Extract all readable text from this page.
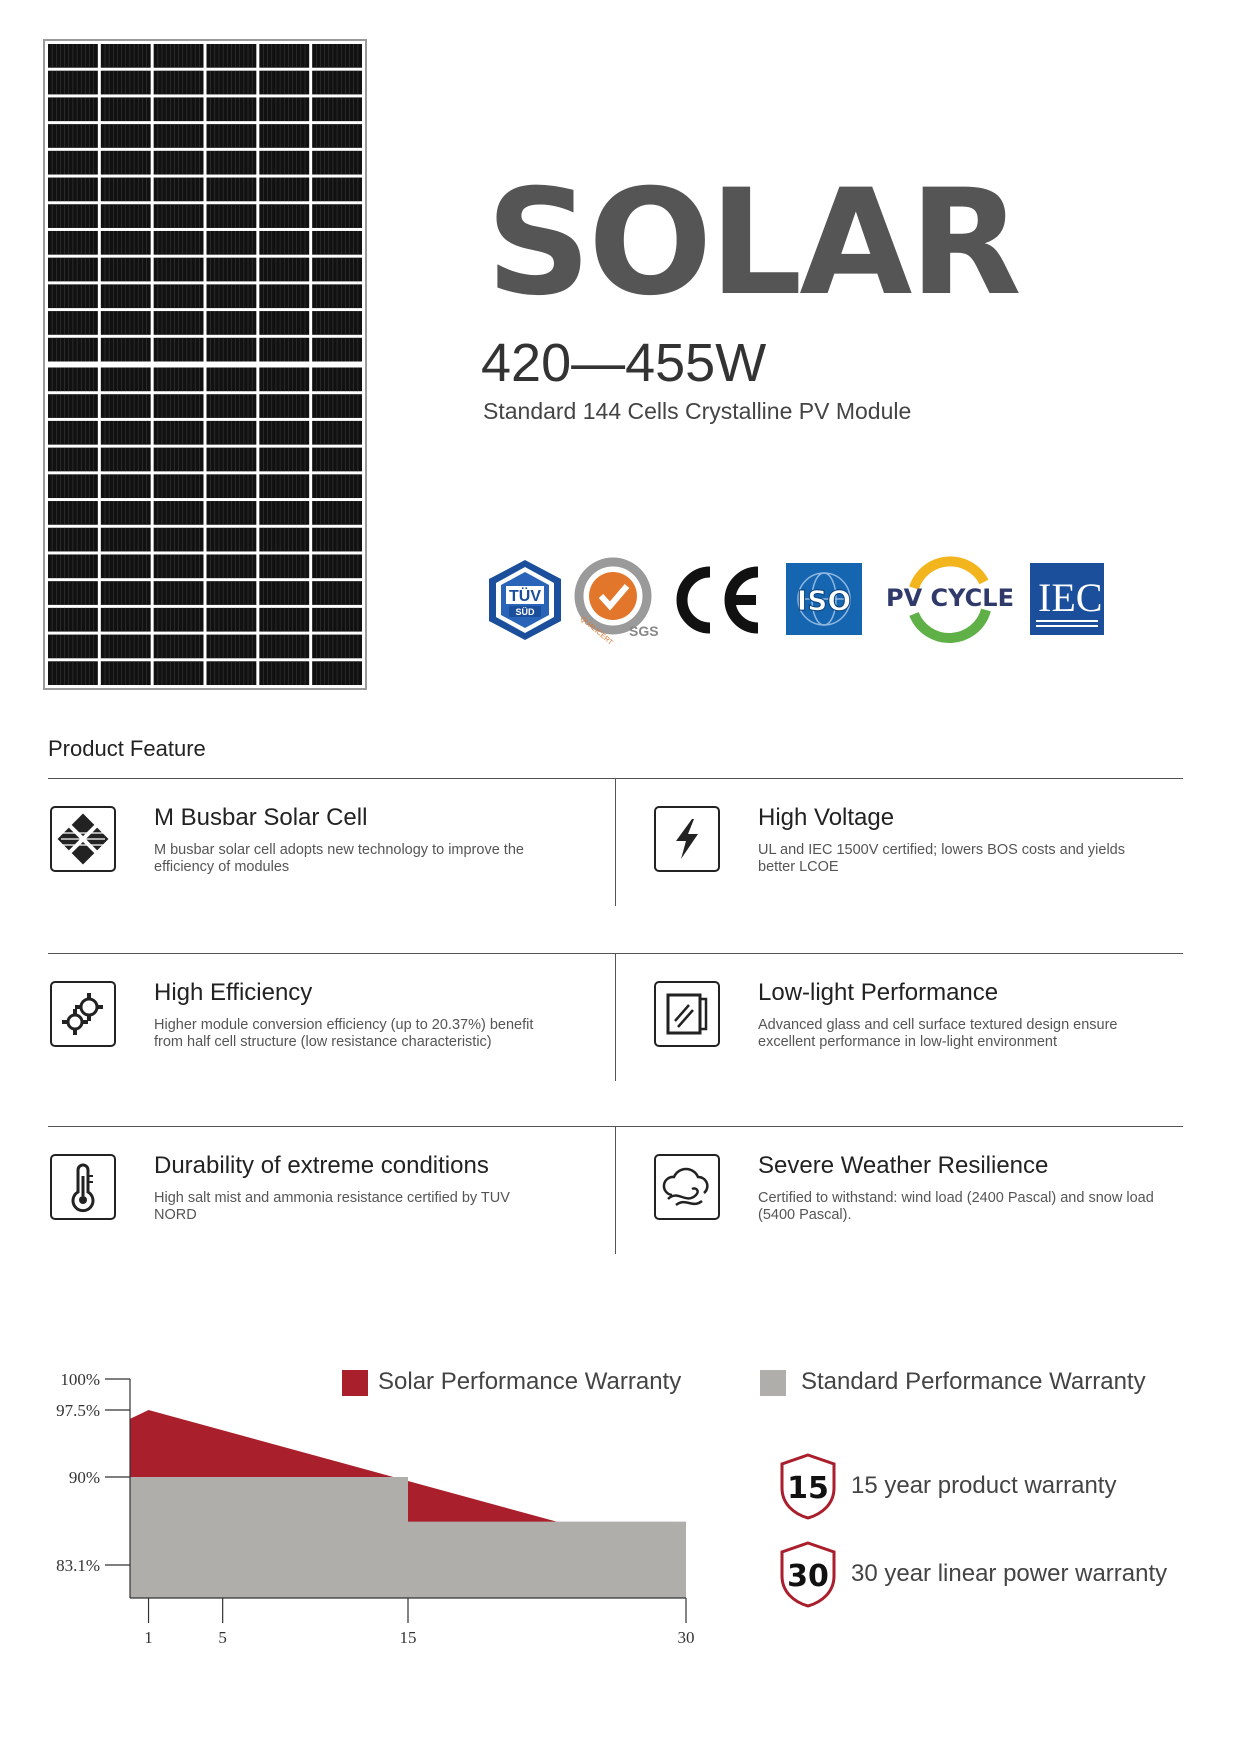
SOLAR
420—455W
Standard 144 Cells Crystalline PV Module
TÜV
SÜD
SGS
QUALICERT
ISO PV CYCLE IEC
Product Feature
M Busbar Solar Cell
M busbar solar cell adopts new technology to improve the efficiency of modules
High Voltage
UL and IEC 1500V certified; lowers BOS costs and yields better LCOE
High Efficiency
Higher module conversion efficiency (up to 20.37%) benefit from half cell structure (low resistance characteristic)
Low-light Performance
Advanced glass and cell surface textured design ensure excellent performance in low-light environment
Durability of extreme conditions
High salt mist and ammonia resistance certified by TUV NORD
Severe Weather Resilience
Certified to withstand: wind load (2400 Pascal) and snow load (5400 Pascal).
100%
97.5%
90%
83.1%
1	5	15	30
Solar Performance Warranty	Standard Performance Warranty
15 15 year product warranty
30 30 year linear power warranty
